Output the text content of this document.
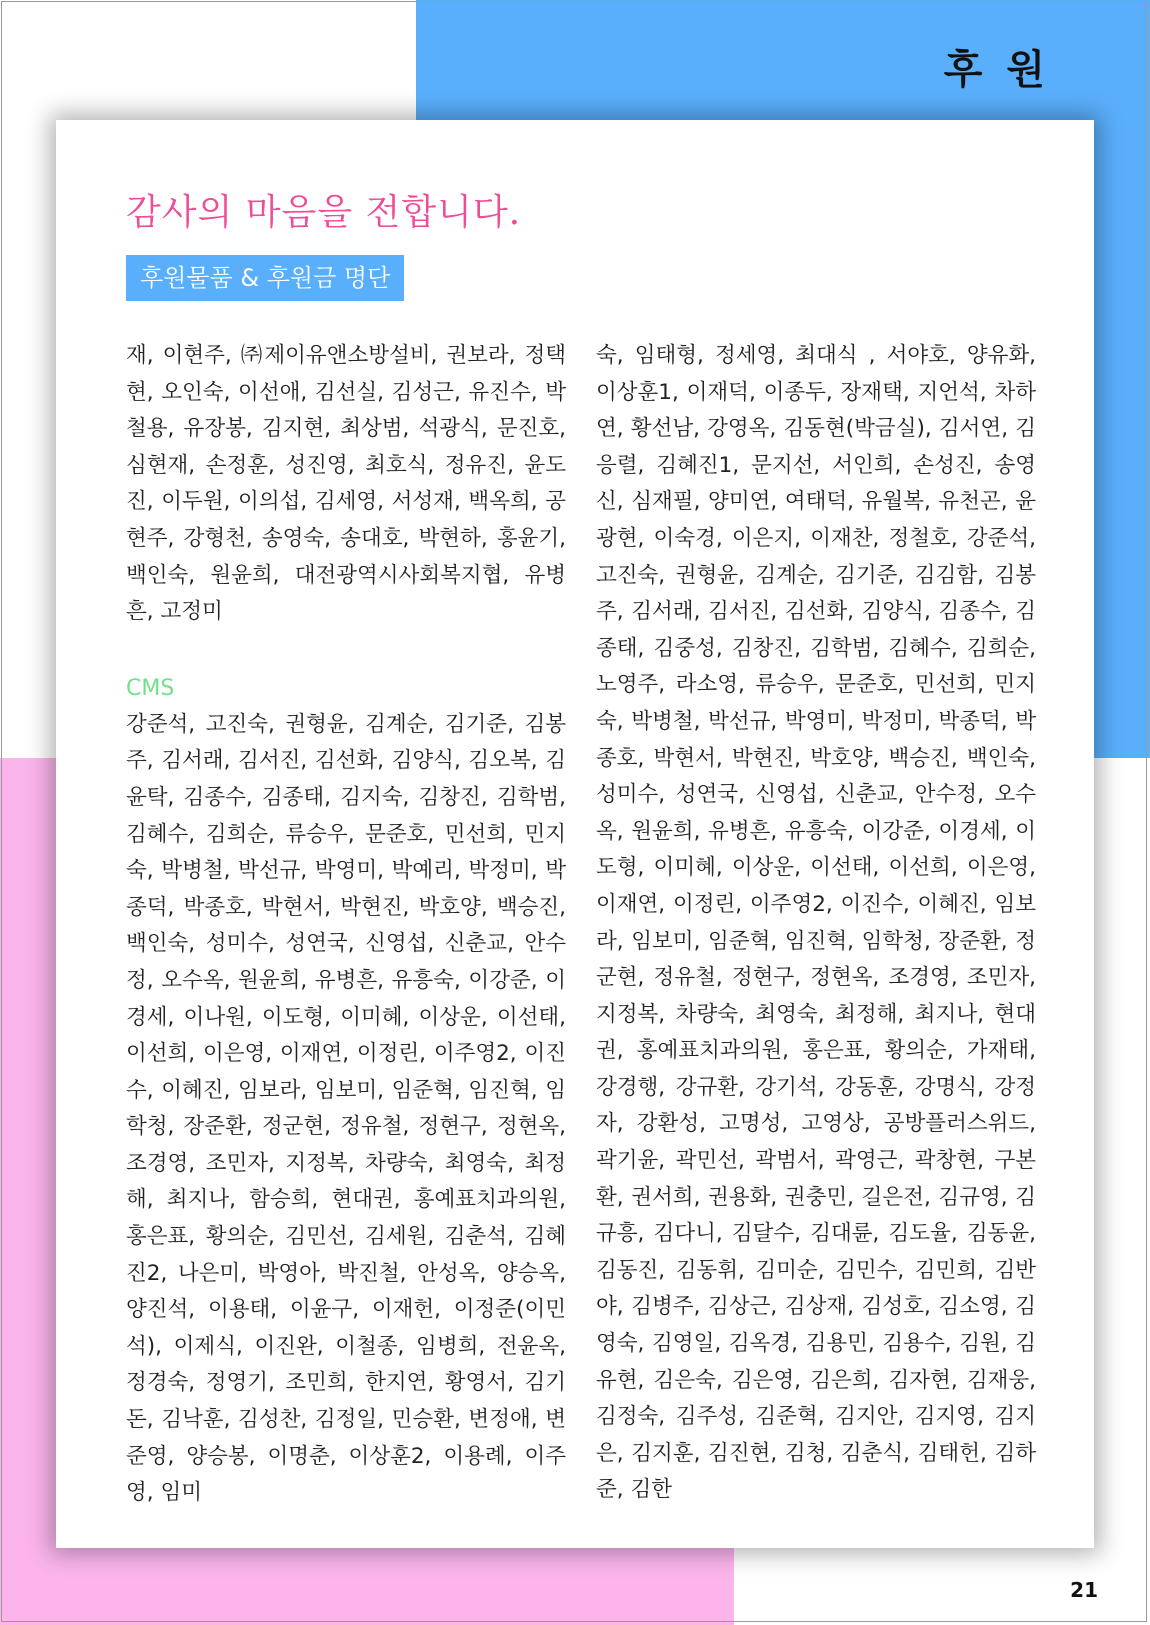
후 원
감사의 마음을 전합니다.
후원물품 & 후원금 명단

재, 이현주, ㈜제이유앤소방설비, 권보라, 정택현, 오인숙, 이선애, 김선실, 김성근, 유진수, 박철용, 유장봉, 김지현, 최상범, 석광식, 문진호, 심현재, 손정훈, 성진영, 최호식, 정유진, 윤도진, 이두원, 이의섭, 김세영, 서성재, 백옥희, 공현주, 강형천, 송영숙, 송대호, 박현하, 홍윤기, 백인숙, 원윤희, 대전광역시사회복지협, 유병흔, 고정미

CMS

강준석, 고진숙, 권형윤, 김계순, 김기준, 김봉주, 김서래, 김서진, 김선화, 김양식, 김오복, 김윤탁, 김종수, 김종태, 김지숙, 김창진, 김학범, 김혜수, 김희순, 류승우, 문준호, 민선희, 민지숙, 박병철, 박선규, 박영미, 박예리, 박정미, 박종덕, 박종호, 박현서, 박현진, 박호양, 백승진, 백인숙, 성미수, 성연국, 신영섭, 신춘교, 안수정, 오수옥, 원윤희, 유병흔, 유흥숙, 이강준, 이경세, 이나원, 이도형, 이미혜, 이상운, 이선태, 이선희, 이은영, 이재연, 이정린, 이주영2, 이진수, 이혜진, 임보라, 임보미, 임준혁, 임진혁, 임학청, 장준환, 정군현, 정유철, 정현구, 정현옥, 조경영, 조민자, 지정복, 차량숙, 최영숙, 최정해, 최지나, 함승희, 현대권, 홍예표치과의원, 홍은표, 황의순, 김민선, 김세원, 김춘석, 김혜진2, 나은미, 박영아, 박진철, 안성옥, 양승옥, 양진석, 이용태, 이윤구, 이재헌, 이정준(이민석), 이제식, 이진완, 이철종, 임병희, 전윤옥, 정경숙, 정영기, 조민희, 한지연, 황영서, 김기돈, 김낙훈, 김성찬, 김정일, 민승환, 변정애, 변준영, 양승봉, 이명춘, 이상훈2, 이용례, 이주영, 임미

숙, 임태형, 정세영, 최대식 , 서야호, 양유화, 이상훈1, 이재덕, 이종두, 장재택, 지언석, 차하연, 황선남, 강영옥, 김동현(박금실), 김서연, 김응렬, 김혜진1, 문지선, 서인희, 손성진, 송영신, 심재필, 양미연, 여태덕, 유월복, 유천곤, 윤광현, 이숙경, 이은지, 이재찬, 정철호, 강준석, 고진숙, 권형윤, 김계순, 김기준, 김김함, 김봉주, 김서래, 김서진, 김선화, 김양식, 김종수, 김종태, 김중성, 김창진, 김학범, 김혜수, 김희순, 노영주, 라소영, 류승우, 문준호, 민선희, 민지숙, 박병철, 박선규, 박영미, 박정미, 박종덕, 박종호, 박현서, 박현진, 박호양, 백승진, 백인숙, 성미수, 성연국, 신영섭, 신춘교, 안수정, 오수옥, 원윤희, 유병흔, 유흥숙, 이강준, 이경세, 이도형, 이미혜, 이상운, 이선태, 이선희, 이은영, 이재연, 이정린, 이주영2, 이진수, 이혜진, 임보라, 임보미, 임준혁, 임진혁, 임학청, 장준환, 정군현, 정유철, 정현구, 정현옥, 조경영, 조민자, 지정복, 차량숙, 최영숙, 최정해, 최지나, 현대권, 홍예표치과의원, 홍은표, 황의순, 가재태, 강경행, 강규환, 강기석, 강동훈, 강명식, 강정자, 강환성, 고명성, 고영상, 공방플러스위드, 곽기윤, 곽민선, 곽범서, 곽영근, 곽창현, 구본환, 권서희, 권용화, 권충민, 길은전, 김규영, 김규흥, 김다니, 김달수, 김대륜, 김도율, 김동윤, 김동진, 김동휘, 김미순, 김민수, 김민희, 김반야, 김병주, 김상근, 김상재, 김성호, 김소영, 김영숙, 김영일, 김옥경, 김용민, 김용수, 김원, 김유현, 김은숙, 김은영, 김은희, 김자현, 김재웅, 김정숙, 김주성, 김준혁, 김지안, 김지영, 김지은, 김지훈, 김진현, 김청, 김춘식, 김태헌, 김하준, 김한

21
